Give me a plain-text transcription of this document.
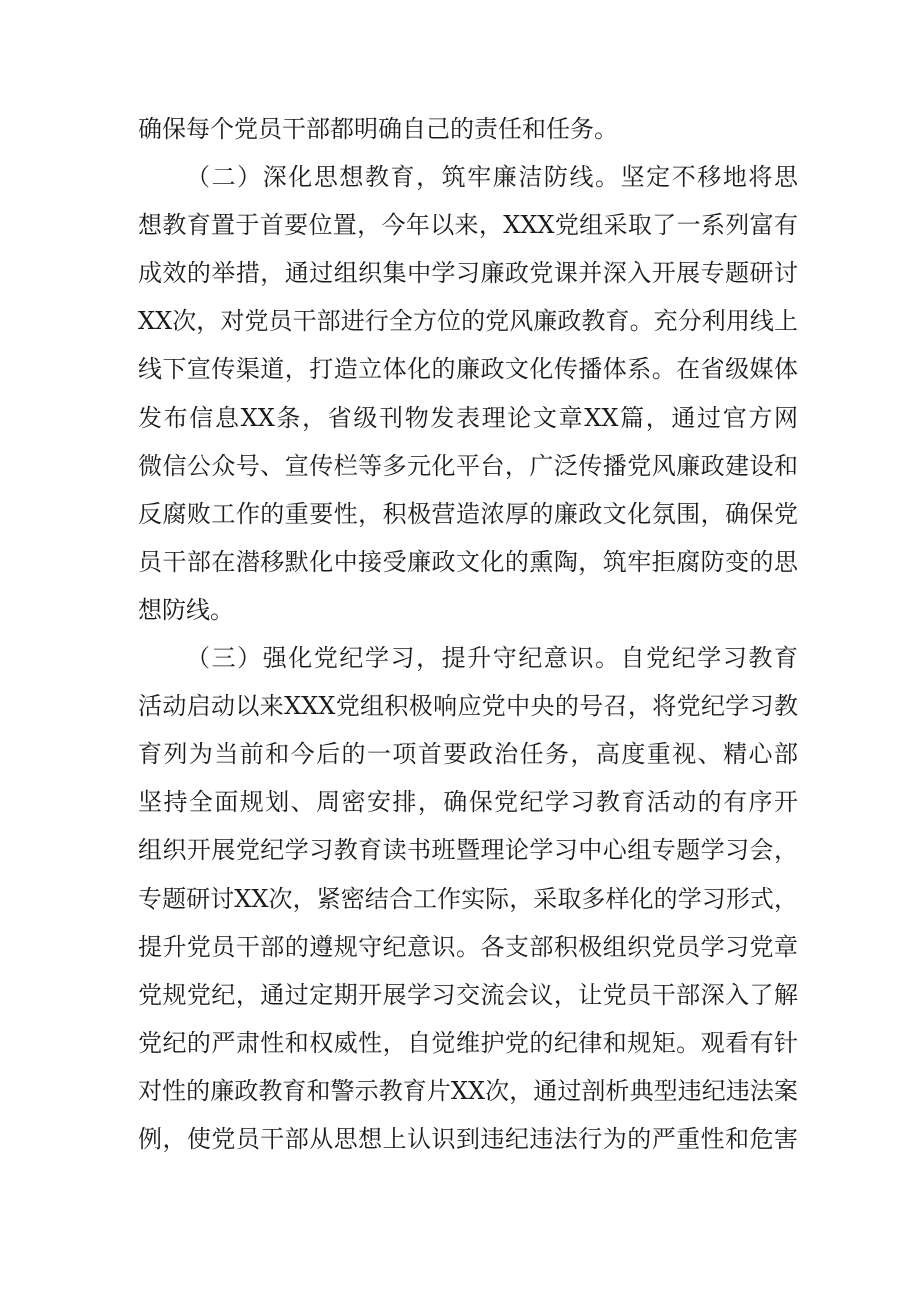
确保每个党员干部都明确自己的责任和任务。
（二）深化思想教育，筑牢廉洁防线。坚定不移地将思
想教育置于首要位置，今年以来，XXX党组采取了一系列富有
成效的举措，通过组织集中学习廉政党课并深入开展专题研讨
XX次，对党员干部进行全方位的党风廉政教育。充分利用线上
线下宣传渠道，打造立体化的廉政文化传播体系。在省级媒体
发布信息XX条，省级刊物发表理论文章XX篇，通过官方网
微信公众号、宣传栏等多元化平台，广泛传播党风廉政建设和
反腐败工作的重要性，积极营造浓厚的廉政文化氛围，确保党
员干部在潜移默化中接受廉政文化的熏陶，筑牢拒腐防变的思
想防线。
（三）强化党纪学习，提升守纪意识。自党纪学习教育
活动启动以来XXX党组积极响应党中央的号召，将党纪学习教
育列为当前和今后的一项首要政治任务，高度重视、精心部
坚持全面规划、周密安排，确保党纪学习教育活动的有序开
组织开展党纪学习教育读书班暨理论学习中心组专题学习会，
专题研讨XX次，紧密结合工作实际，采取多样化的学习形式，
提升党员干部的遵规守纪意识。各支部积极组织党员学习党章
党规党纪，通过定期开展学习交流会议，让党员干部深入了解
党纪的严肃性和权威性，自觉维护党的纪律和规矩。观看有针
对性的廉政教育和警示教育片XX次，通过剖析典型违纪违法案
例，使党员干部从思想上认识到违纪违法行为的严重性和危害
